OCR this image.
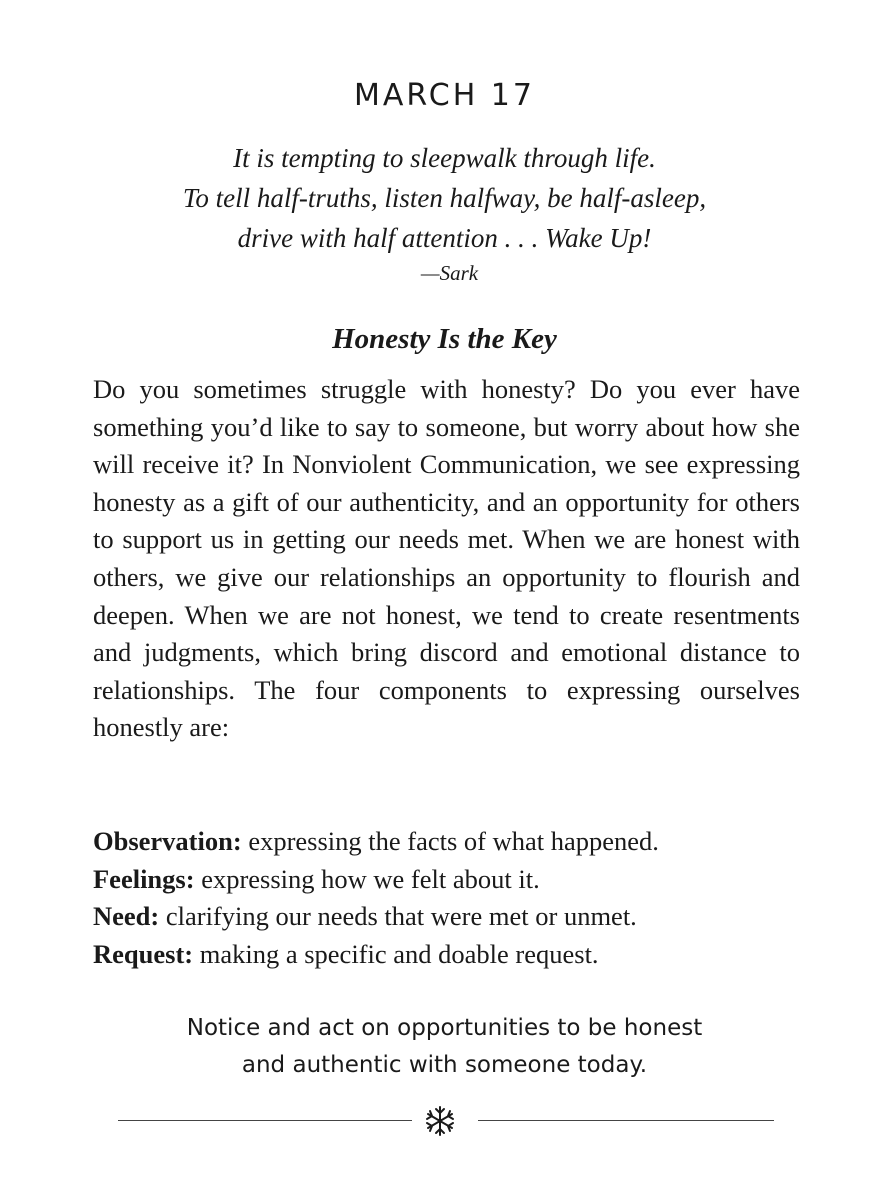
MARCH 17
It is tempting to sleepwalk through life.
To tell half-truths, listen halfway, be half-asleep,
drive with half attention . . . Wake Up!
—Sark
Honesty Is the Key

Do you sometimes struggle with honesty? Do you ever have something you’d like to say to someone, but worry about how she will receive it? In Nonviolent Communication, we see expressing honesty as a gift of our authenticity, and an opportunity for others to support us in getting our needs met. When we are honest with others, we give our relationships an opportunity to flourish and deepen. When we are not honest, we tend to create resentments and judgments, which bring discord and emotional distance to relationships. The four components to expressing ourselves honestly are:

Observation: expressing the facts of what happened.
Feelings: expressing how we felt about it.
Need: clarifying our needs that were met or unmet.
Request: making a specific and doable request.
Notice and act on opportunities to be honest
and authentic with someone today.
